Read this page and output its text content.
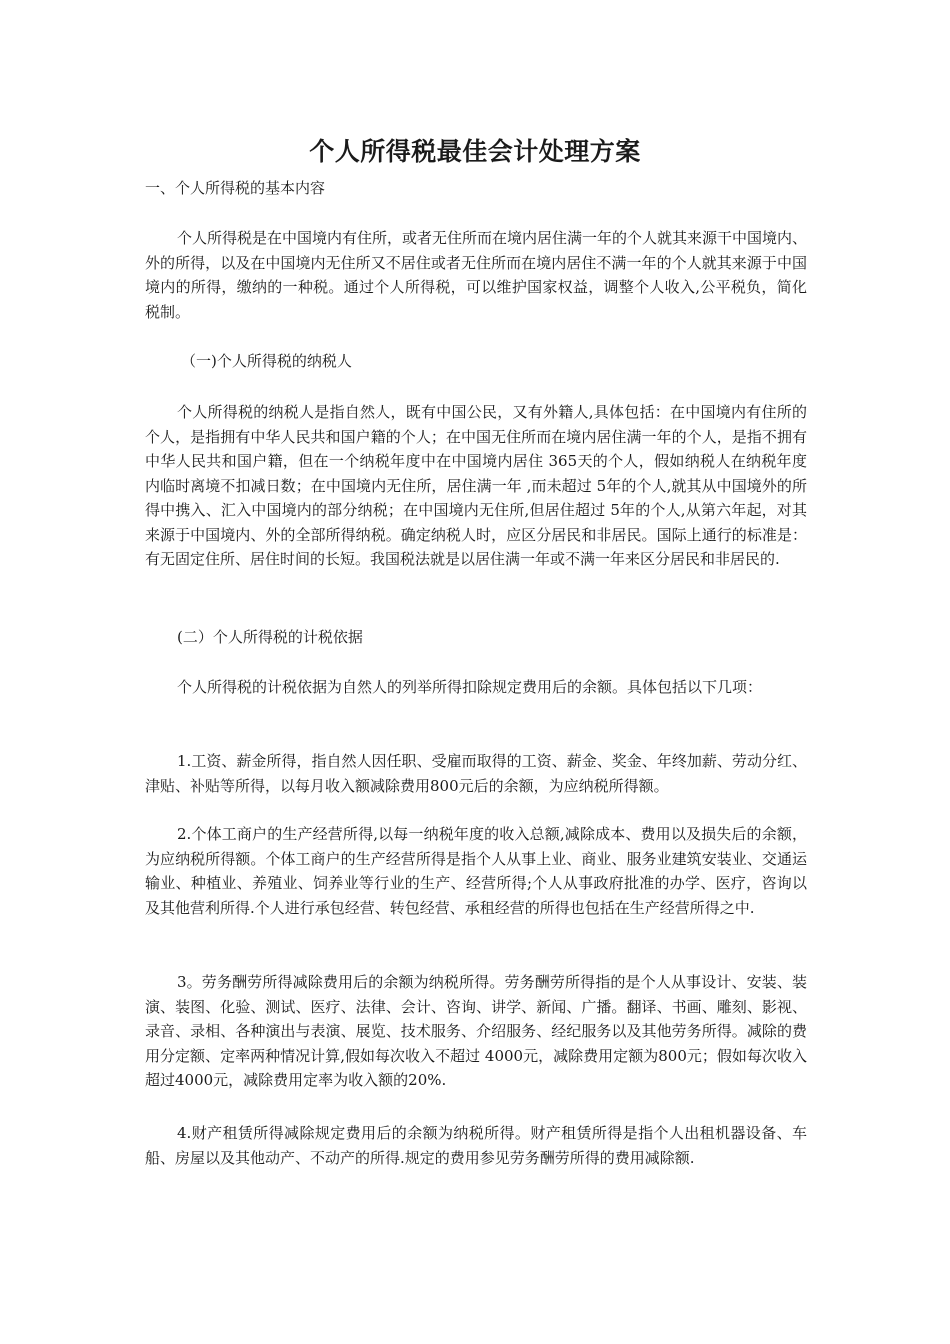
个人所得税最佳会计处理方案
一、个人所得税的基本内容
个人所得税是在中国境内有住所，或者无住所而在境内居住满一年的个人就其来源干中国境内、外的所得，以及在中国境内无住所又不居住或者无住所而在境内居住不满一年的个人就其来源于中国境内的所得，缴纳的一种税。通过个人所得税，可以维护国家权益，调整个人收入,公平税负，简化税制。
（一)个人所得税的纳税人
个人所得税的纳税人是指自然人，既有中国公民，又有外籍人,具体包括：在中国境内有住所的个人，是指拥有中华人民共和国户籍的个人；在中国无住所而在境内居住满一年的个人，是指不拥有中华人民共和国户籍，但在一个纳税年度中在中国境内居住 365天的个人，假如纳税人在纳税年度内临时离境不扣减日数；在中国境内无住所，居住满一年 ,而未超过 5年的个人,就其从中国境外的所得中携入、汇入中国境内的部分纳税；在中国境内无住所,但居住超过 5年的个人,从第六年起，对其来源于中国境内、外的全部所得纳税。确定纳税人时，应区分居民和非居民。国际上通行的标准是：有无固定住所、居住时间的长短。我国税法就是以居住满一年或不满一年来区分居民和非居民的.
(二）个人所得税的计税依据
个人所得税的计税依据为自然人的列举所得扣除规定费用后的余额。具体包括以下几项：
1.工资、薪金所得，指自然人因任职、受雇而取得的工资、薪金、奖金、年终加薪、劳动分红、津贴、补贴等所得，以每月收入额减除费用800元后的余额，为应纳税所得额。
2.个体工商户的生产经营所得,以每一纳税年度的收入总额,减除成本、费用以及损失后的余额，为应纳税所得额。个体工商户的生产经营所得是指个人从事上业、商业、服务业建筑安装业、交通运输业、种植业、养殖业、饲养业等行业的生产、经营所得;个人从事政府批准的办学、医疗，咨询以及其他营利所得.个人进行承包经营、转包经营、承租经营的所得也包括在生产经营所得之中.
3。劳务酬劳所得减除费用后的余额为纳税所得。劳务酬劳所得指的是个人从事设计、安装、装演、装图、化验、测试、医疗、法律、会计、咨询、讲学、新闻、广播。翻译、书画、雕刻、影视、录音、录相、各种演出与表演、展览、技术服务、介绍服务、经纪服务以及其他劳务所得。减除的费用分定额、定率两种情况计算,假如每次收入不超过 4000元，减除费用定额为800元；假如每次收入超过4000元，减除费用定率为收入额的20%.
4.财产租赁所得减除规定费用后的余额为纳税所得。财产租赁所得是指个人出租机器设备、车船、房屋以及其他动产、不动产的所得.规定的费用参见劳务酬劳所得的费用减除额.
